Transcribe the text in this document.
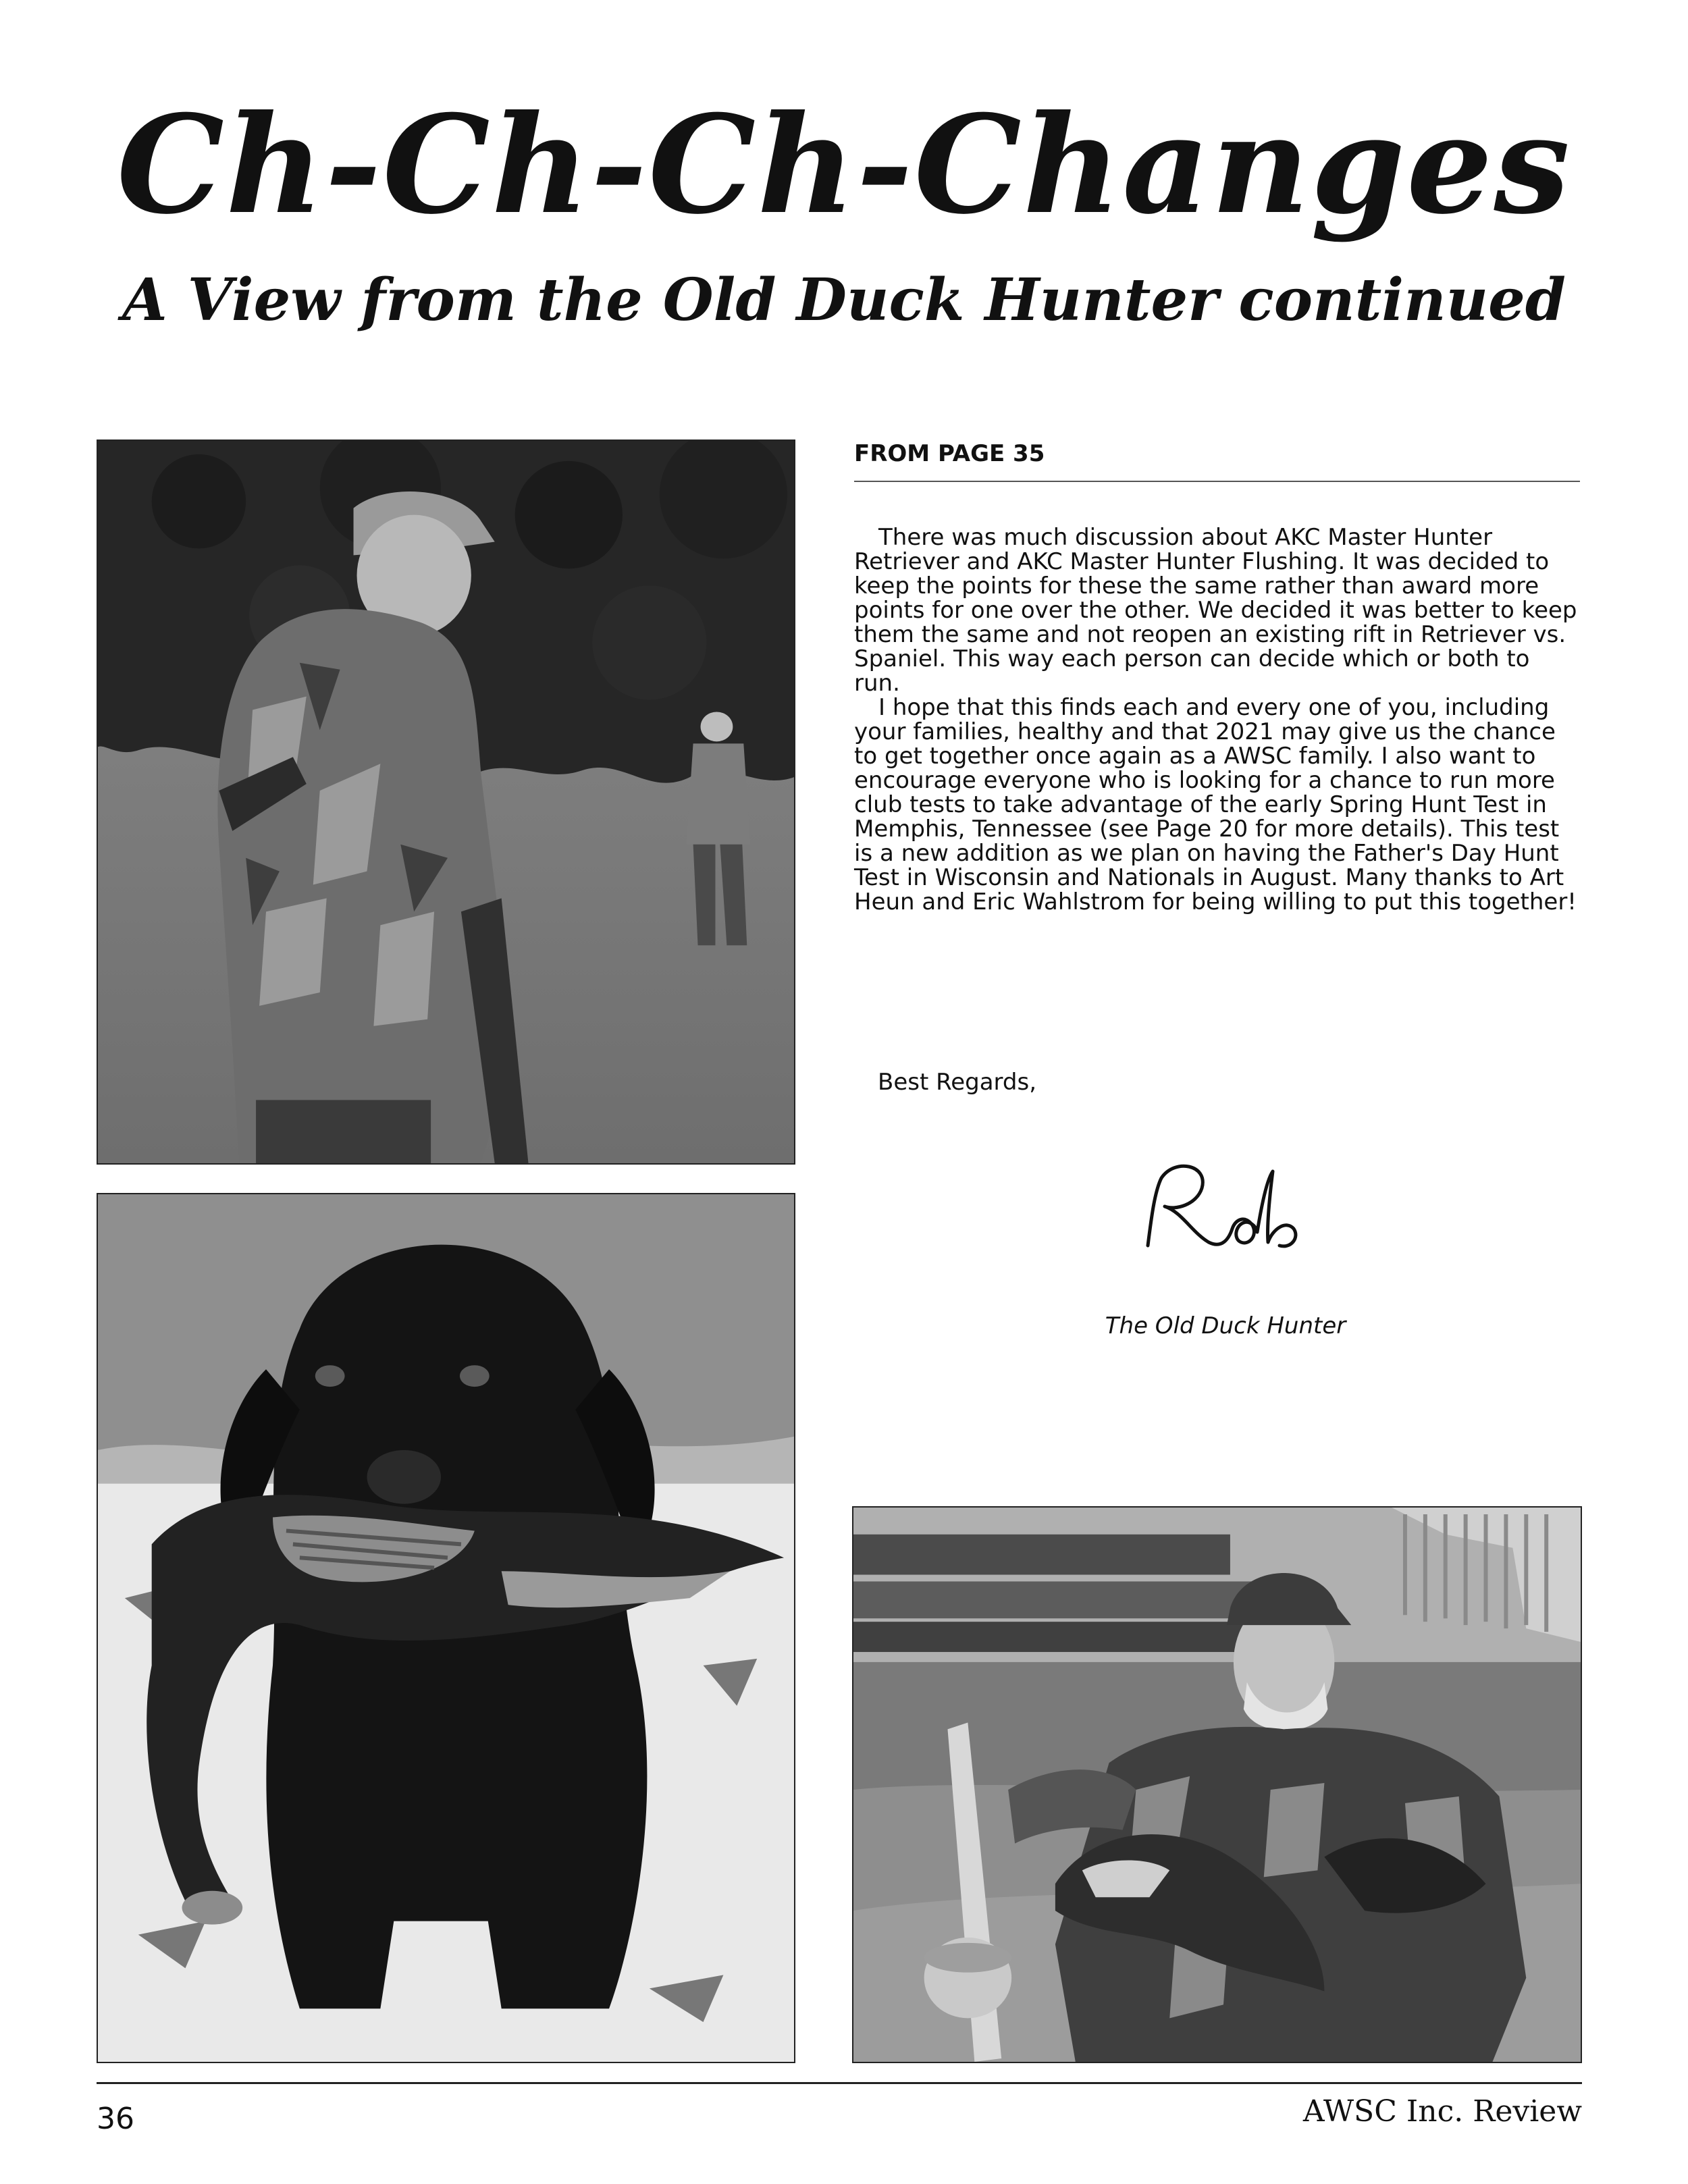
Ch-Ch-Ch-Changes
A View from the Old Duck Hunter continued
FROM PAGE 35

There was much discussion about AKC Master Hunter Retriever and AKC Master Hunter Flushing. It was decided to keep the points for these the same rather than award more points for one over the other. We decided it was better to keep them the same and not reopen an existing rift in Retriever vs. Spaniel. This way each person can decide which or both to run.

I hope that this finds each and every one of you, including your families, healthy and that 2021 may give us the chance to get together once again as a AWSC family. I also want to encourage everyone who is looking for a chance to run more club tests to take advantage of the early Spring Hunt Test in Memphis, Tennessee (see Page 20 for more details). This test is a new addition as we plan on having the Father's Day Hunt Test in Wisconsin and Nationals in August. Many thanks to Art Heun and Eric Wahlstrom for being willing to put this together!

Best Regards,

The Old Duck Hunter

36	AWSC Inc. Review
